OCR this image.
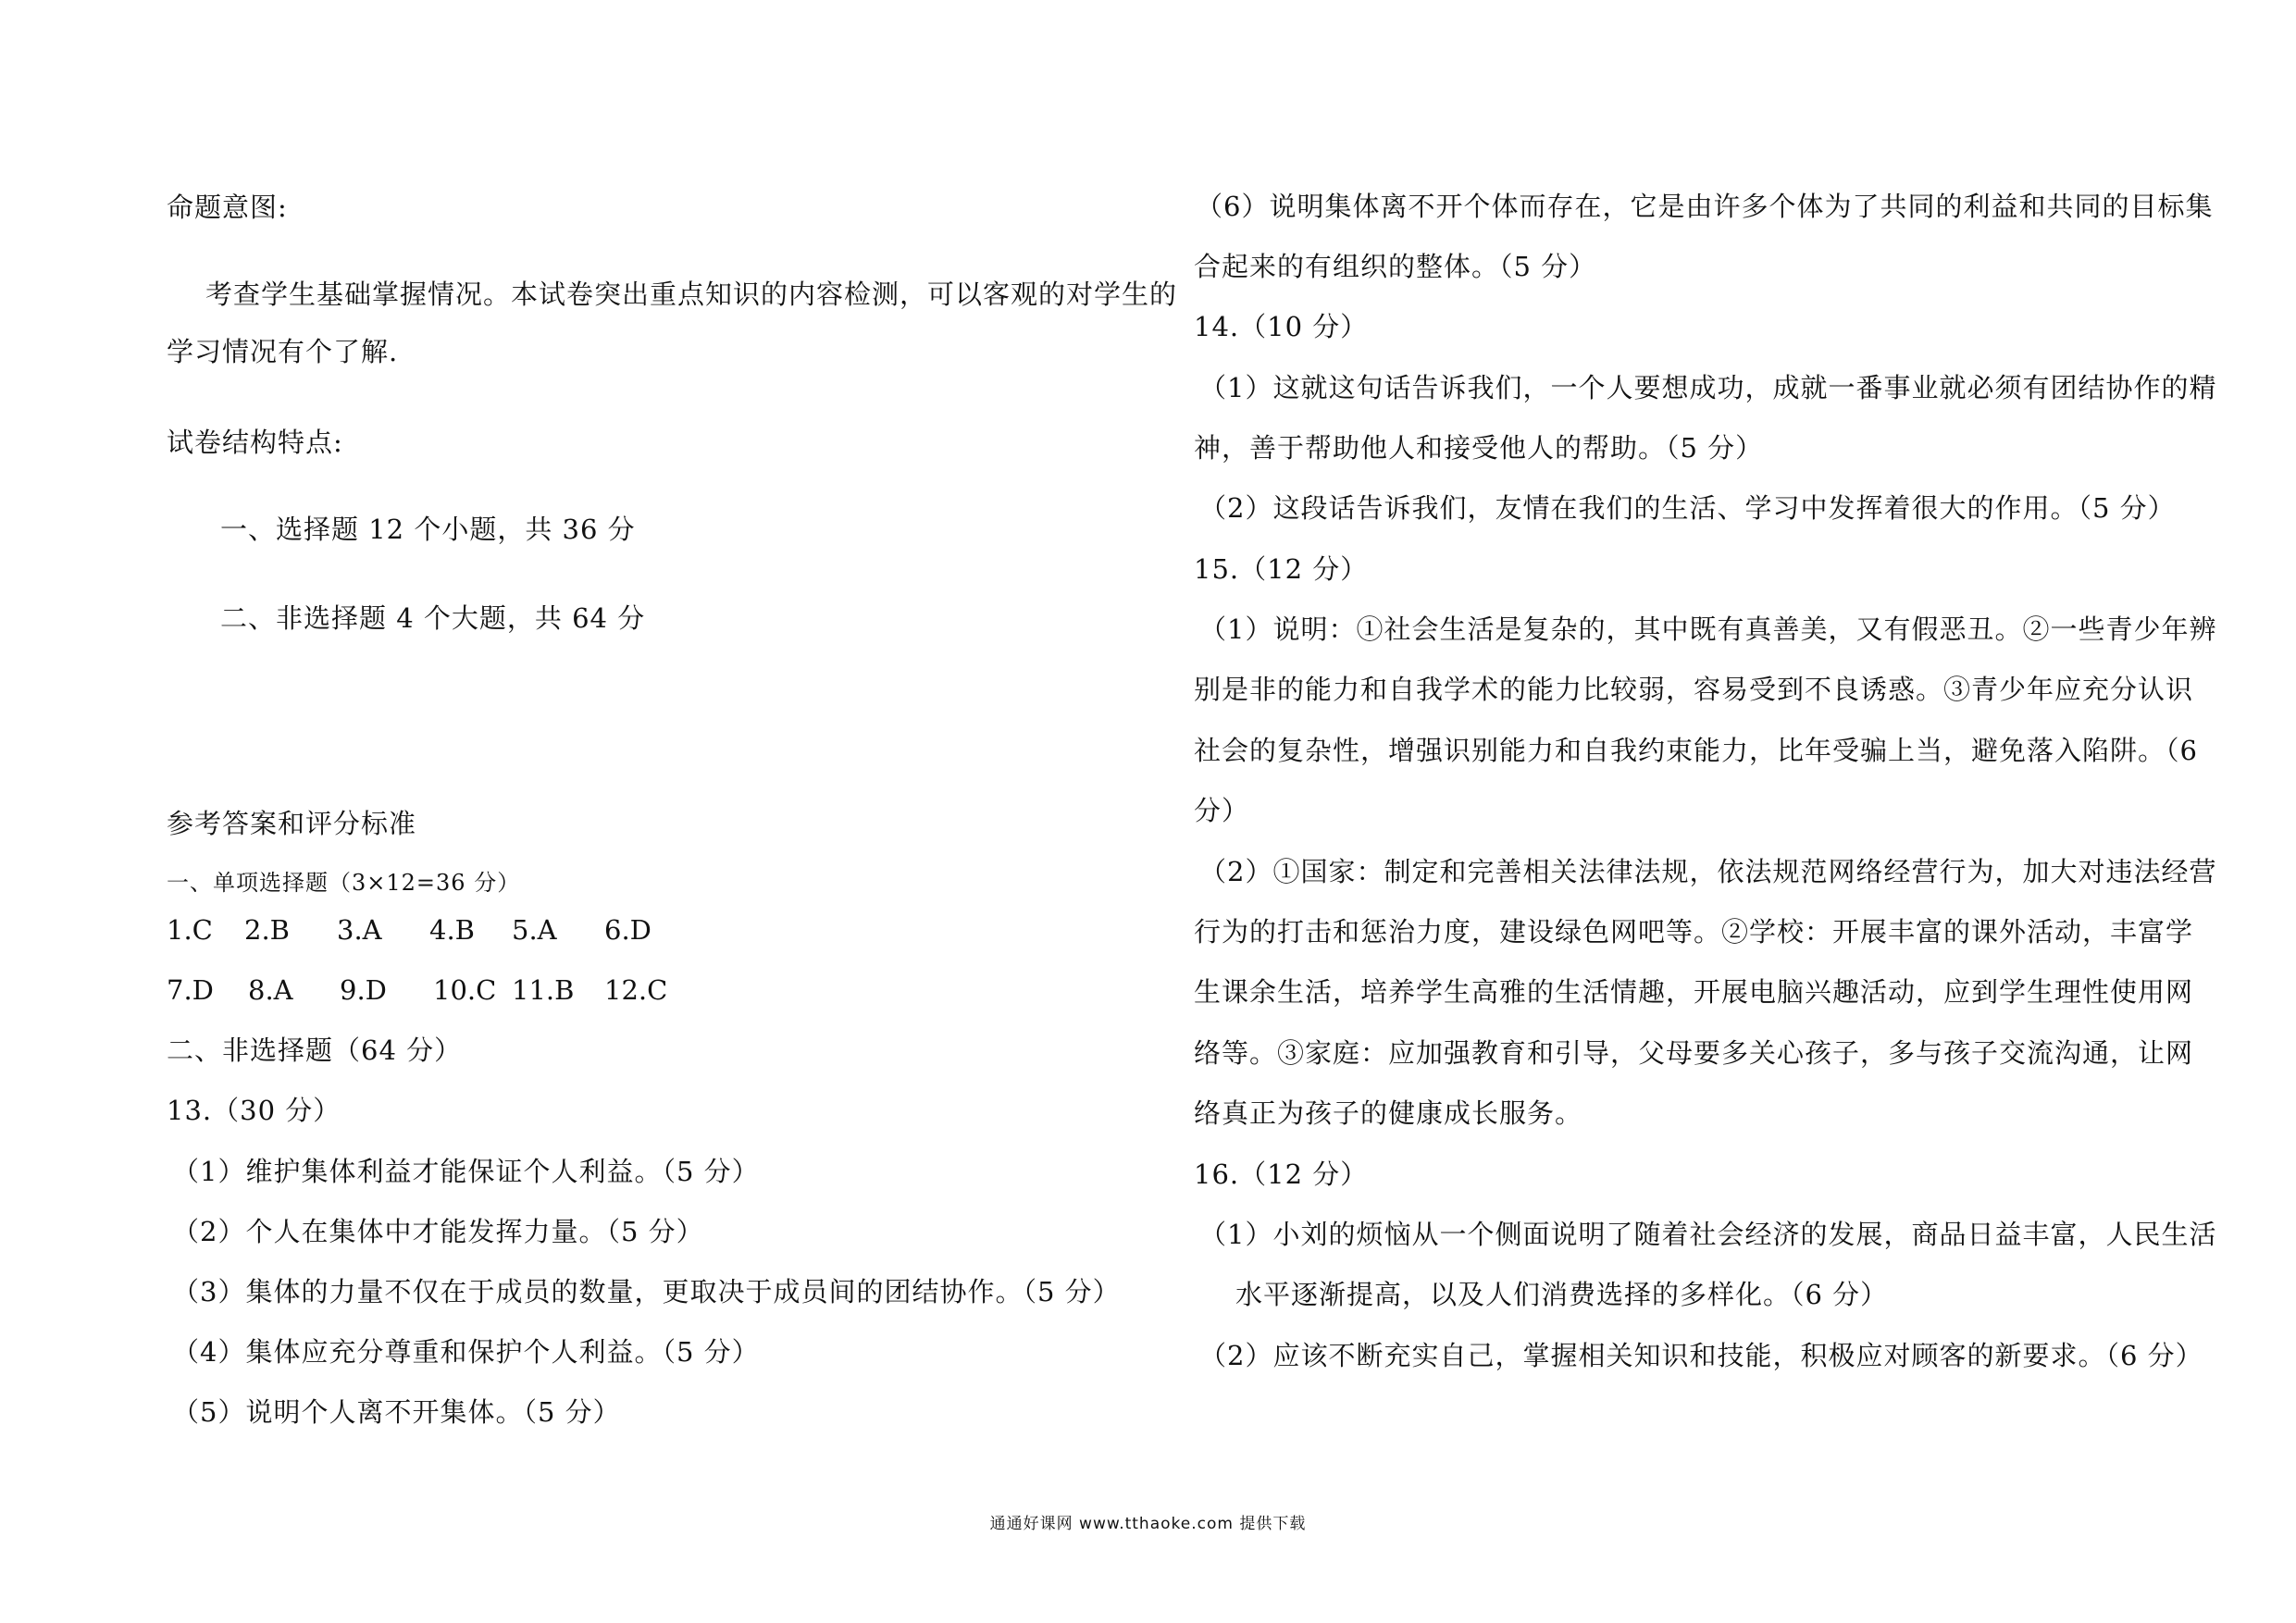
命题意图:
考查学生基础掌握情况。本试卷突出重点知识的内容检测，可以客观的对学生的
学习情况有个了解.
试卷结构特点:
一、选择题 12 个小题，共 36 分
二、非选择题 4 个大题，共 64 分
参考答案和评分标准
一、单项选择题（3×12=36 分）
1.C 2.B 3.A 4.B 5.A 6.D
7.D 8.A 9.D 10.C 11.B 12.C
二、非选择题（64 分）
13.（30 分）
（1）维护集体利益才能保证个人利益。（5 分）
（2）个人在集体中才能发挥力量。（5 分）
（3）集体的力量不仅在于成员的数量，更取决于成员间的团结协作。（5 分）
（4）集体应充分尊重和保护个人利益。（5 分）
（5）说明个人离不开集体。（5 分）
（6）说明集体离不开个体而存在，它是由许多个体为了共同的利益和共同的目标集
合起来的有组织的整体。（5 分）
14.（10 分）
（1）这就这句话告诉我们，一个人要想成功，成就一番事业就必须有团结协作的精
神，善于帮助他人和接受他人的帮助。（5 分）
（2）这段话告诉我们，友情在我们的生活、学习中发挥着很大的作用。（5 分）
15.（12 分）
（1）说明：①社会生活是复杂的，其中既有真善美，又有假恶丑。②一些青少年辨
别是非的能力和自我学术的能力比较弱，容易受到不良诱惑。③青少年应充分认识
社会的复杂性，增强识别能力和自我约束能力，比年受骗上当，避免落入陷阱。（6
分）
（2）①国家：制定和完善相关法律法规，依法规范网络经营行为，加大对违法经营
行为的打击和惩治力度，建设绿色网吧等。②学校：开展丰富的课外活动，丰富学
生课余生活，培养学生高雅的生活情趣，开展电脑兴趣活动，应到学生理性使用网
络等。③家庭：应加强教育和引导，父母要多关心孩子，多与孩子交流沟通，让网
络真正为孩子的健康成长服务。
16.（12 分）
（1）小刘的烦恼从一个侧面说明了随着社会经济的发展，商品日益丰富，人民生活
水平逐渐提高，以及人们消费选择的多样化。（6 分）
（2）应该不断充实自己，掌握相关知识和技能，积极应对顾客的新要求。（6 分）
通通好课网 www.tthaoke.com 提供下载
